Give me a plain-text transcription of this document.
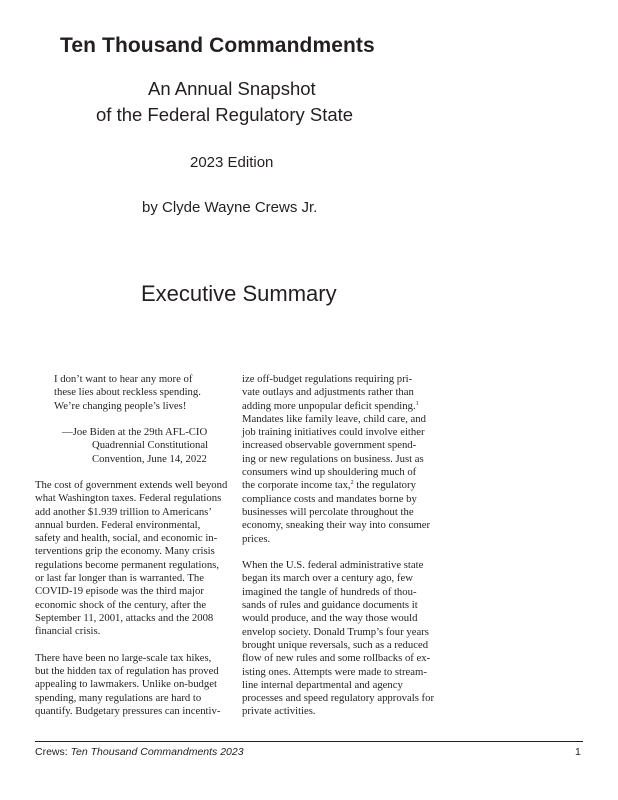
Ten Thousand Commandments
An Annual Snapshot
of the Federal Regulatory State
2023 Edition
by Clyde Wayne Crews Jr.
Executive Summary
I don’t want to hear any more of
these lies about reckless spending.
We’re changing people’s lives!
—Joe Biden at the 29th AFL-CIO
Quadrennial Constitutional
Convention, June 14, 2022
The cost of government extends well beyond
what Washington taxes. Federal regulations
add another $1.939 trillion to Americans’
annual burden. Federal environmental,
safety and health, social, and economic in-
terventions grip the economy. Many crisis
regulations become permanent regulations,
or last far longer than is warranted. The
COVID-19 episode was the third major
economic shock of the century, after the
September 11, 2001, attacks and the 2008
financial crisis.
There have been no large-scale tax hikes,
but the hidden tax of regulation has proved
appealing to lawmakers. Unlike on-budget
spending, many regulations are hard to
quantify. Budgetary pressures can incentiv-
ize off-budget regulations requiring pri-
vate outlays and adjustments rather than
adding more unpopular deficit spending.$^1$
Mandates like family leave, child care, and
job training initiatives could involve either
increased observable government spend-
ing or new regulations on business. Just as
consumers wind up shouldering much of
the corporate income tax,$^2$ the regulatory
compliance costs and mandates borne by
businesses will percolate throughout the
economy, sneaking their way into consumer
prices.
When the U.S. federal administrative state
began its march over a century ago, few
imagined the tangle of hundreds of thou-
sands of rules and guidance documents it
would produce, and the way those would
envelop society. Donald Trump’s four years
brought unique reversals, such as a reduced
flow of new rules and some rollbacks of ex-
isting ones. Attempts were made to stream-
line internal departmental and agency
processes and speed regulatory approvals for
private activities.
Crews: Ten Thousand Commandments 2023	1
